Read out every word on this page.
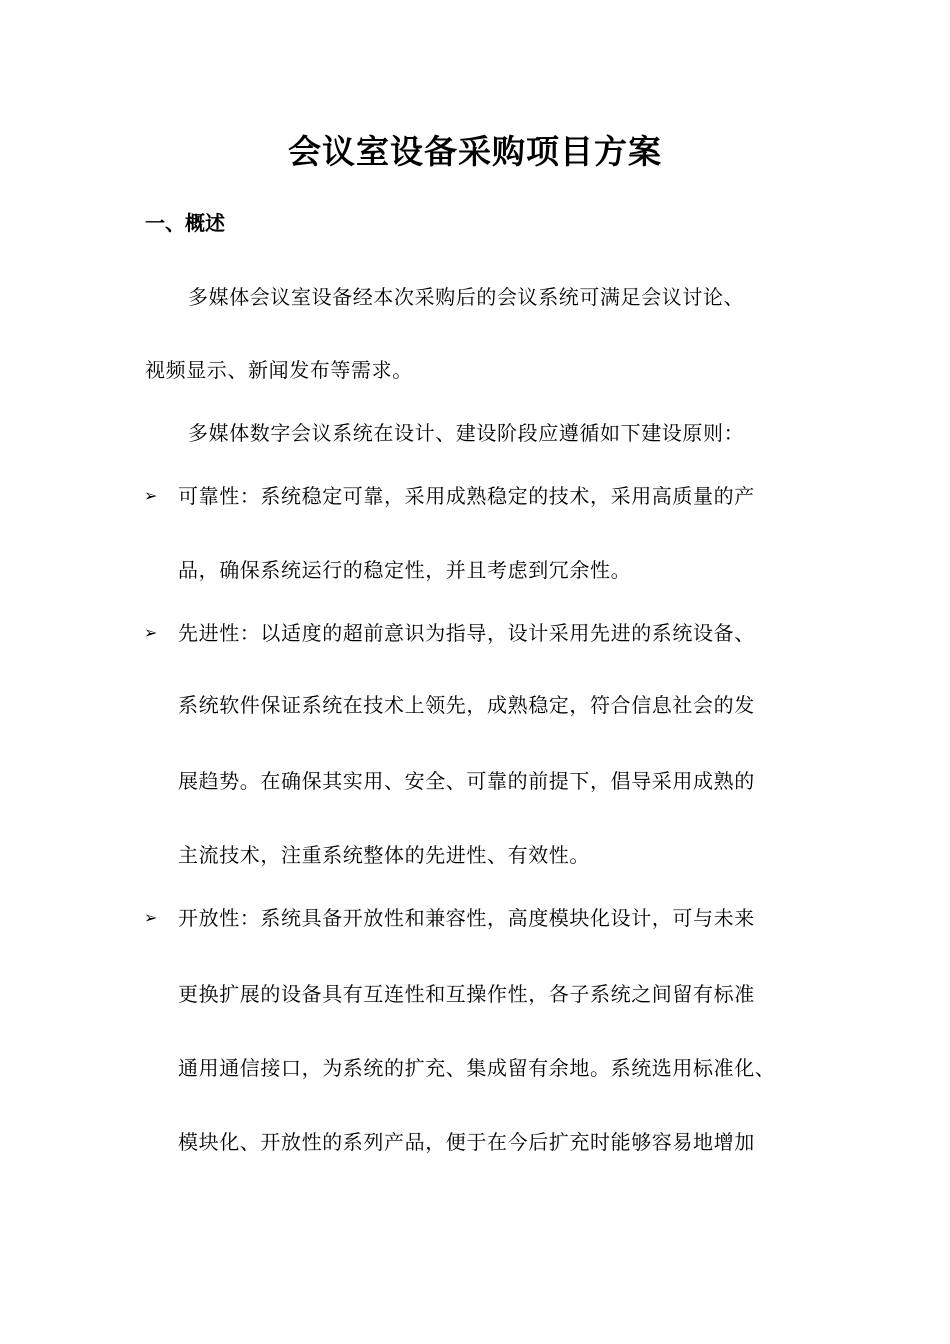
会议室设备采购项目方案
一、概述
多媒体会议室设备经本次采购后的会议系统可满足会议讨论、
视频显示、新闻发布等需求。
多媒体数字会议系统在设计、建设阶段应遵循如下建设原则：
➢ 可靠性：系统稳定可靠，采用成熟稳定的技术，采用高质量的产
品，确保系统运行的稳定性，并且考虑到冗余性。
➢ 先进性：以适度的超前意识为指导，设计采用先进的系统设备、
系统软件保证系统在技术上领先，成熟稳定，符合信息社会的发
展趋势。在确保其实用、安全、可靠的前提下，倡导采用成熟的
主流技术，注重系统整体的先进性、有效性。
➢ 开放性：系统具备开放性和兼容性，高度模块化设计，可与未来
更换扩展的设备具有互连性和互操作性，各子系统之间留有标准
通用通信接口，为系统的扩充、集成留有余地。系统选用标准化、
模块化、开放性的系列产品，便于在今后扩充时能够容易地增加
